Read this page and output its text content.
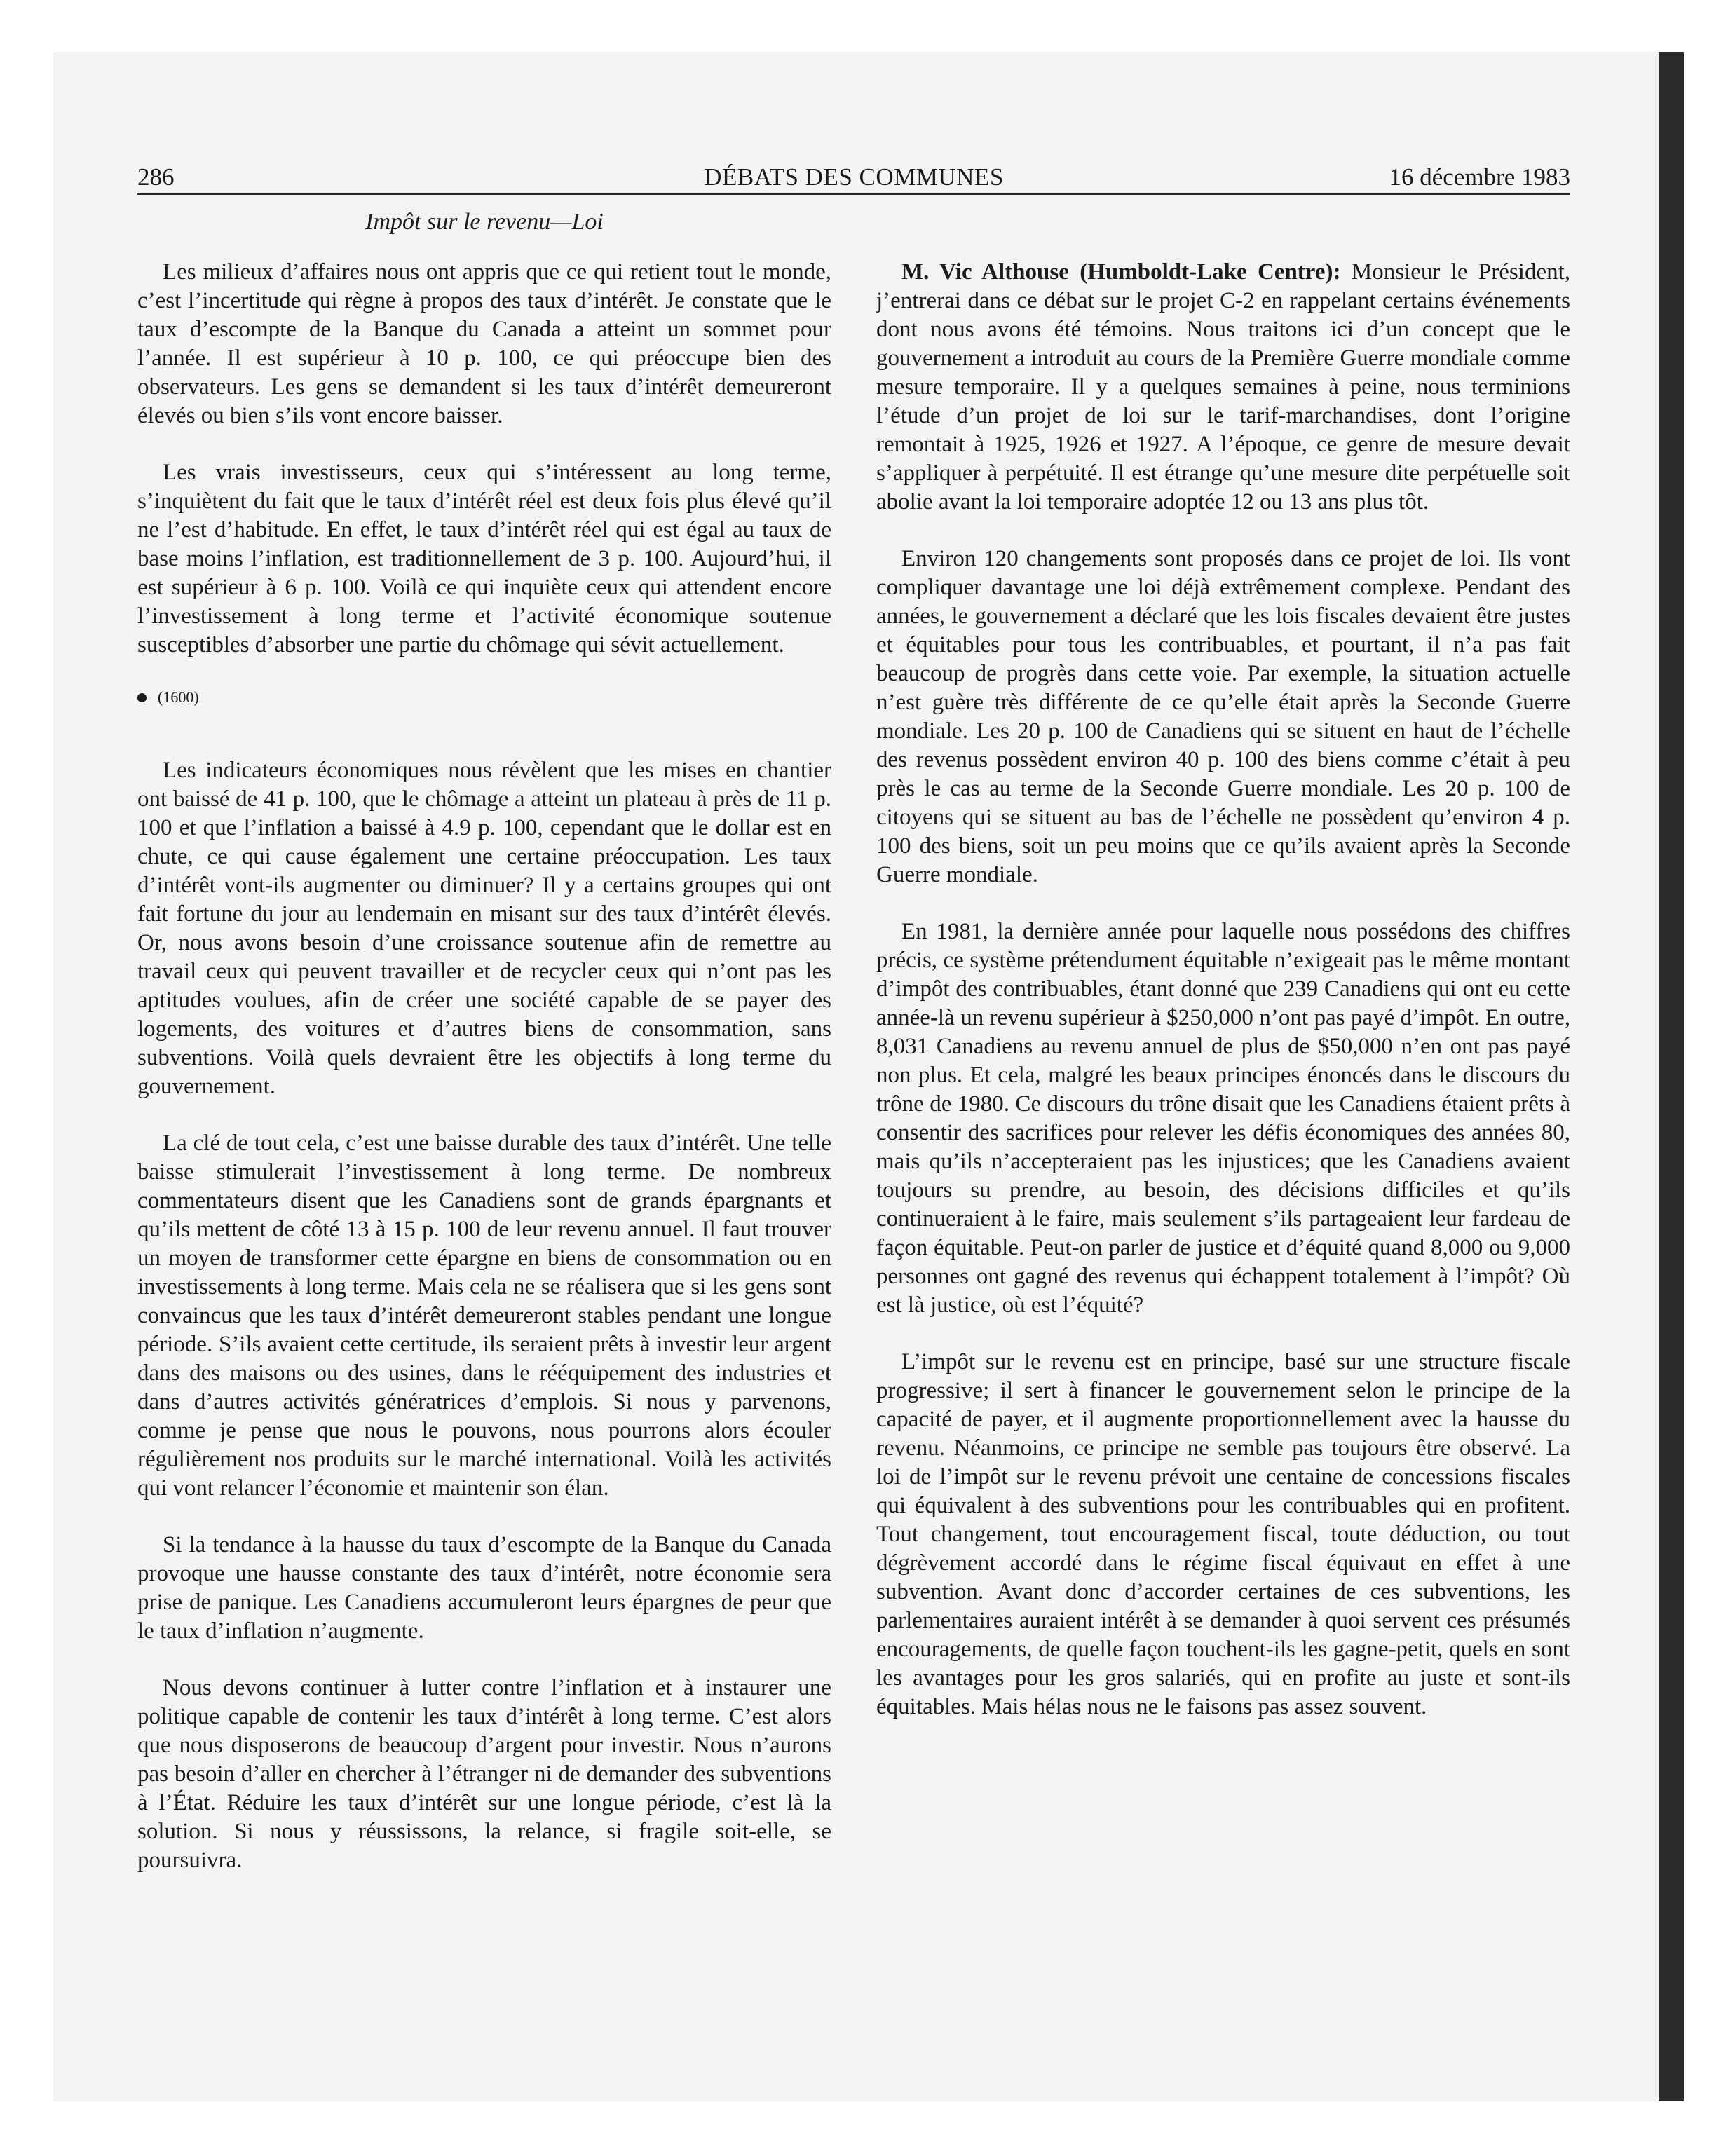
286	DÉBATS DES COMMUNES	16 décembre 1983
Impôt sur le revenu—Loi

Les milieux d’affaires nous ont appris que ce qui retient tout le monde, c’est l’incertitude qui règne à propos des taux d’intérêt. Je constate que le taux d’escompte de la Banque du Canada a atteint un sommet pour l’année. Il est supérieur à 10 p. 100, ce qui préoccupe bien des observateurs. Les gens se demandent si les taux d’intérêt demeureront élevés ou bien s’ils vont encore baisser.

Les vrais investisseurs, ceux qui s’intéressent au long terme, s’inquiètent du fait que le taux d’intérêt réel est deux fois plus élevé qu’il ne l’est d’habitude. En effet, le taux d’intérêt réel qui est égal au taux de base moins l’inflation, est traditionnellement de 3 p. 100. Aujourd’hui, il est supérieur à 6 p. 100. Voilà ce qui inquiète ceux qui attendent encore l’investissement à long terme et l’activité économique soutenue susceptibles d’absorber une partie du chômage qui sévit actuellement.

(1600)

Les indicateurs économiques nous révèlent que les mises en chantier ont baissé de 41 p. 100, que le chômage a atteint un plateau à près de 11 p. 100 et que l’inflation a baissé à 4.9 p. 100, cependant que le dollar est en chute, ce qui cause également une certaine préoccupation. Les taux d’intérêt vont-ils augmenter ou diminuer? Il y a certains groupes qui ont fait fortune du jour au lendemain en misant sur des taux d’intérêt élevés. Or, nous avons besoin d’une croissance soutenue afin de remettre au travail ceux qui peuvent travailler et de recycler ceux qui n’ont pas les aptitudes voulues, afin de créer une société capable de se payer des logements, des voitures et d’autres biens de consommation, sans subventions. Voilà quels devraient être les objectifs à long terme du gouvernement.

La clé de tout cela, c’est une baisse durable des taux d’intérêt. Une telle baisse stimulerait l’investissement à long terme. De nombreux commentateurs disent que les Canadiens sont de grands épargnants et qu’ils mettent de côté 13 à 15 p. 100 de leur revenu annuel. Il faut trouver un moyen de transformer cette épargne en biens de consommation ou en investissements à long terme. Mais cela ne se réalisera que si les gens sont convaincus que les taux d’intérêt demeureront stables pendant une longue période. S’ils avaient cette certitude, ils seraient prêts à investir leur argent dans des maisons ou des usines, dans le rééquipement des industries et dans d’autres activités génératrices d’emplois. Si nous y parvenons, comme je pense que nous le pouvons, nous pourrons alors écouler régulièrement nos produits sur le marché international. Voilà les activités qui vont relancer l’économie et maintenir son élan.

Si la tendance à la hausse du taux d’escompte de la Banque du Canada provoque une hausse constante des taux d’intérêt, notre économie sera prise de panique. Les Canadiens accumuleront leurs épargnes de peur que le taux d’inflation n’augmente.

Nous devons continuer à lutter contre l’inflation et à instaurer une politique capable de contenir les taux d’intérêt à long terme. C’est alors que nous disposerons de beaucoup d’argent pour investir. Nous n’aurons pas besoin d’aller en chercher à l’étranger ni de demander des subventions à l’État. Réduire les taux d’intérêt sur une longue période, c’est là la solution. Si nous y réussissons, la relance, si fragile soit-elle, se poursuivra.

M. Vic Althouse (Humboldt-Lake Centre): Monsieur le Président, j’entrerai dans ce débat sur le projet C-2 en rappelant certains événements dont nous avons été témoins. Nous traitons ici d’un concept que le gouvernement a introduit au cours de la Première Guerre mondiale comme mesure temporaire. Il y a quelques semaines à peine, nous terminions l’étude d’un projet de loi sur le tarif-marchandises, dont l’origine remontait à 1925, 1926 et 1927. A l’époque, ce genre de mesure devait s’appliquer à perpétuité. Il est étrange qu’une mesure dite perpétuelle soit abolie avant la loi temporaire adoptée 12 ou 13 ans plus tôt.

Environ 120 changements sont proposés dans ce projet de loi. Ils vont compliquer davantage une loi déjà extrêmement complexe. Pendant des années, le gouvernement a déclaré que les lois fiscales devaient être justes et équitables pour tous les contribuables, et pourtant, il n’a pas fait beaucoup de progrès dans cette voie. Par exemple, la situation actuelle n’est guère très différente de ce qu’elle était après la Seconde Guerre mondiale. Les 20 p. 100 de Canadiens qui se situent en haut de l’échelle des revenus possèdent environ 40 p. 100 des biens comme c’était à peu près le cas au terme de la Seconde Guerre mondiale. Les 20 p. 100 de citoyens qui se situent au bas de l’échelle ne possèdent qu’environ 4 p. 100 des biens, soit un peu moins que ce qu’ils avaient après la Seconde Guerre mondiale.

En 1981, la dernière année pour laquelle nous possédons des chiffres précis, ce système prétendument équitable n’exigeait pas le même montant d’impôt des contribuables, étant donné que 239 Canadiens qui ont eu cette année-là un revenu supérieur à $250,000 n’ont pas payé d’impôt. En outre, 8,031 Canadiens au revenu annuel de plus de $50,000 n’en ont pas payé non plus. Et cela, malgré les beaux principes énoncés dans le discours du trône de 1980. Ce discours du trône disait que les Canadiens étaient prêts à consentir des sacrifices pour relever les défis économiques des années 80, mais qu’ils n’accepteraient pas les injustices; que les Canadiens avaient toujours su prendre, au besoin, des décisions difficiles et qu’ils continueraient à le faire, mais seulement s’ils partageaient leur fardeau de façon équitable. Peut-on parler de justice et d’équité quand 8,000 ou 9,000 personnes ont gagné des revenus qui échappent totalement à l’impôt? Où est là justice, où est l’équité?

L’impôt sur le revenu est en principe, basé sur une structure fiscale progressive; il sert à financer le gouvernement selon le principe de la capacité de payer, et il augmente proportionnellement avec la hausse du revenu. Néanmoins, ce principe ne semble pas toujours être observé. La loi de l’impôt sur le revenu prévoit une centaine de concessions fiscales qui équivalent à des subventions pour les contribuables qui en profitent. Tout changement, tout encouragement fiscal, toute déduction, ou tout dégrèvement accordé dans le régime fiscal équivaut en effet à une subvention. Avant donc d’accorder certaines de ces subventions, les parlementaires auraient intérêt à se demander à quoi servent ces présumés encouragements, de quelle façon touchent-ils les gagne-petit, quels en sont les avantages pour les gros salariés, qui en profite au juste et sont-ils équitables. Mais hélas nous ne le faisons pas assez souvent.
